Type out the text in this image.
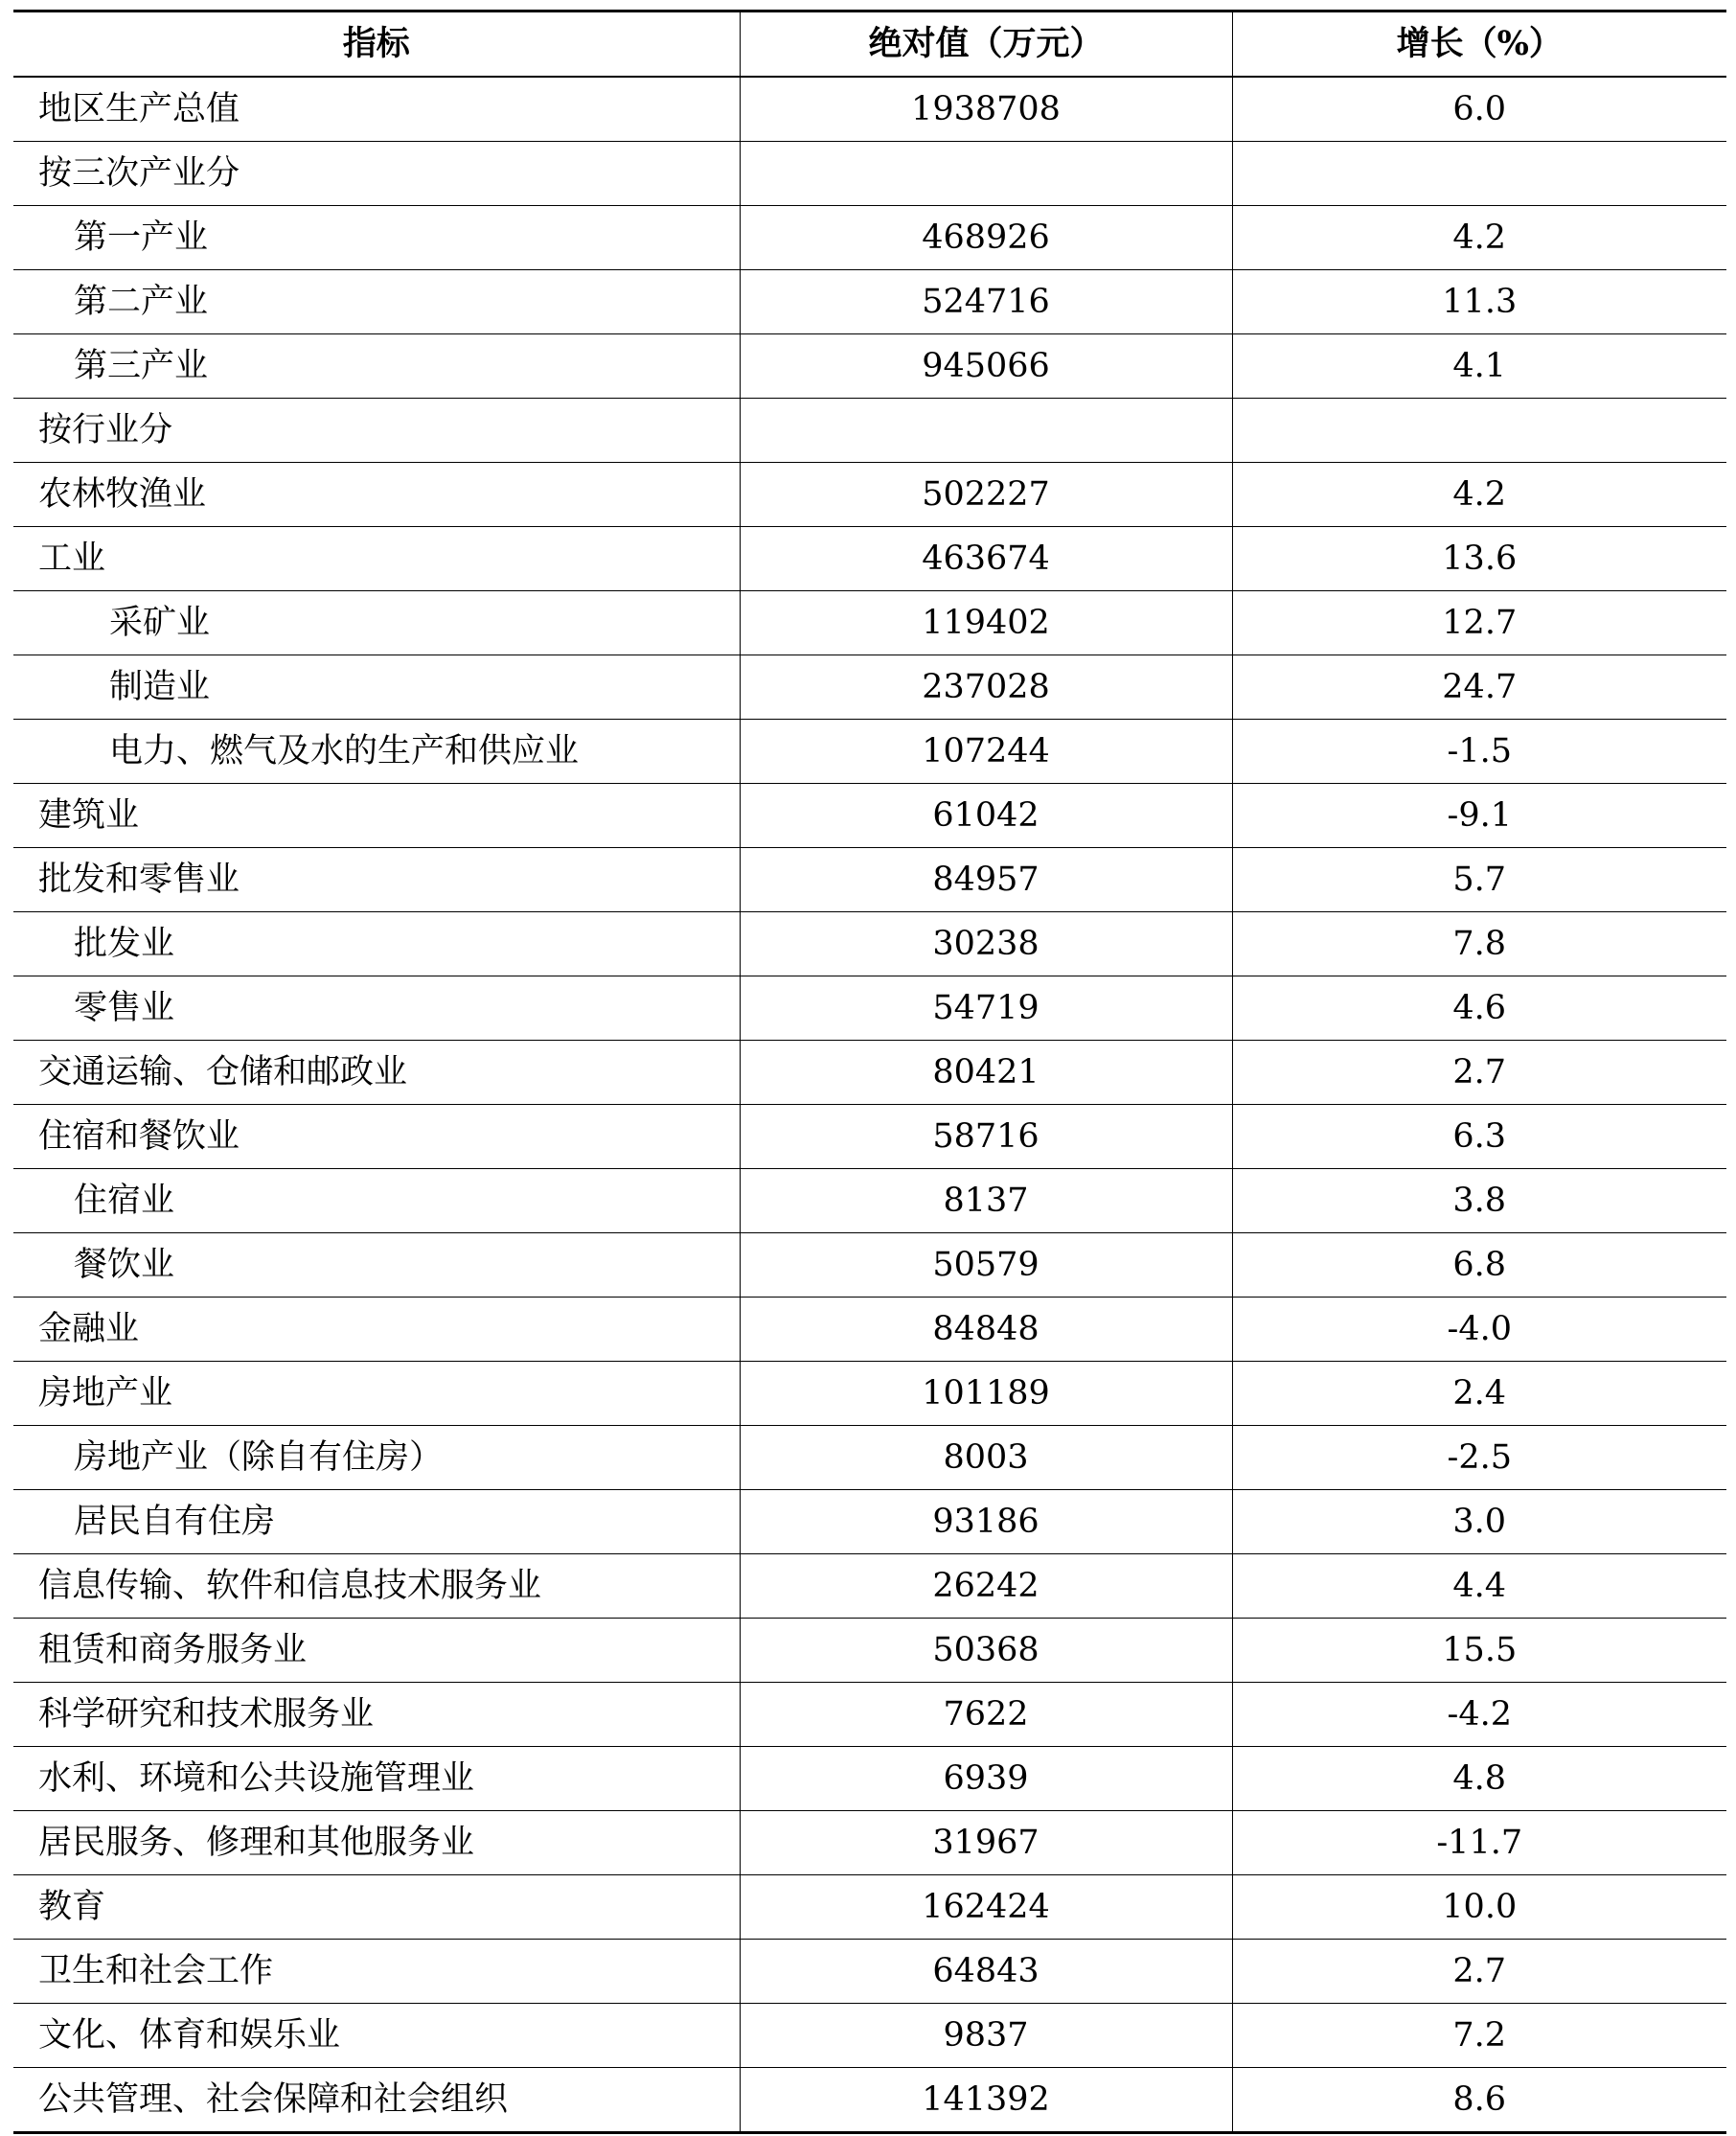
指标	绝对值（万元）	增长（%）
地区生产总值	1938708	6.0
按三次产业分		
第一产业	468926	4.2
第二产业	524716	11.3
第三产业	945066	4.1
按行业分		
农林牧渔业	502227	4.2
工业	463674	13.6
采矿业	119402	12.7
制造业	237028	24.7
电力、燃气及水的生产和供应业	107244	-1.5
建筑业	61042	-9.1
批发和零售业	84957	5.7
批发业	30238	7.8
零售业	54719	4.6
交通运输、仓储和邮政业	80421	2.7
住宿和餐饮业	58716	6.3
住宿业	8137	3.8
餐饮业	50579	6.8
金融业	84848	-4.0
房地产业	101189	2.4
房地产业（除自有住房）	8003	-2.5
居民自有住房	93186	3.0
信息传输、软件和信息技术服务业	26242	4.4
租赁和商务服务业	50368	15.5
科学研究和技术服务业	7622	-4.2
水利、环境和公共设施管理业	6939	4.8
居民服务、修理和其他服务业	31967	-11.7
教育	162424	10.0
卫生和社会工作	64843	2.7
文化、体育和娱乐业	9837	7.2
公共管理、社会保障和社会组织	141392	8.6
